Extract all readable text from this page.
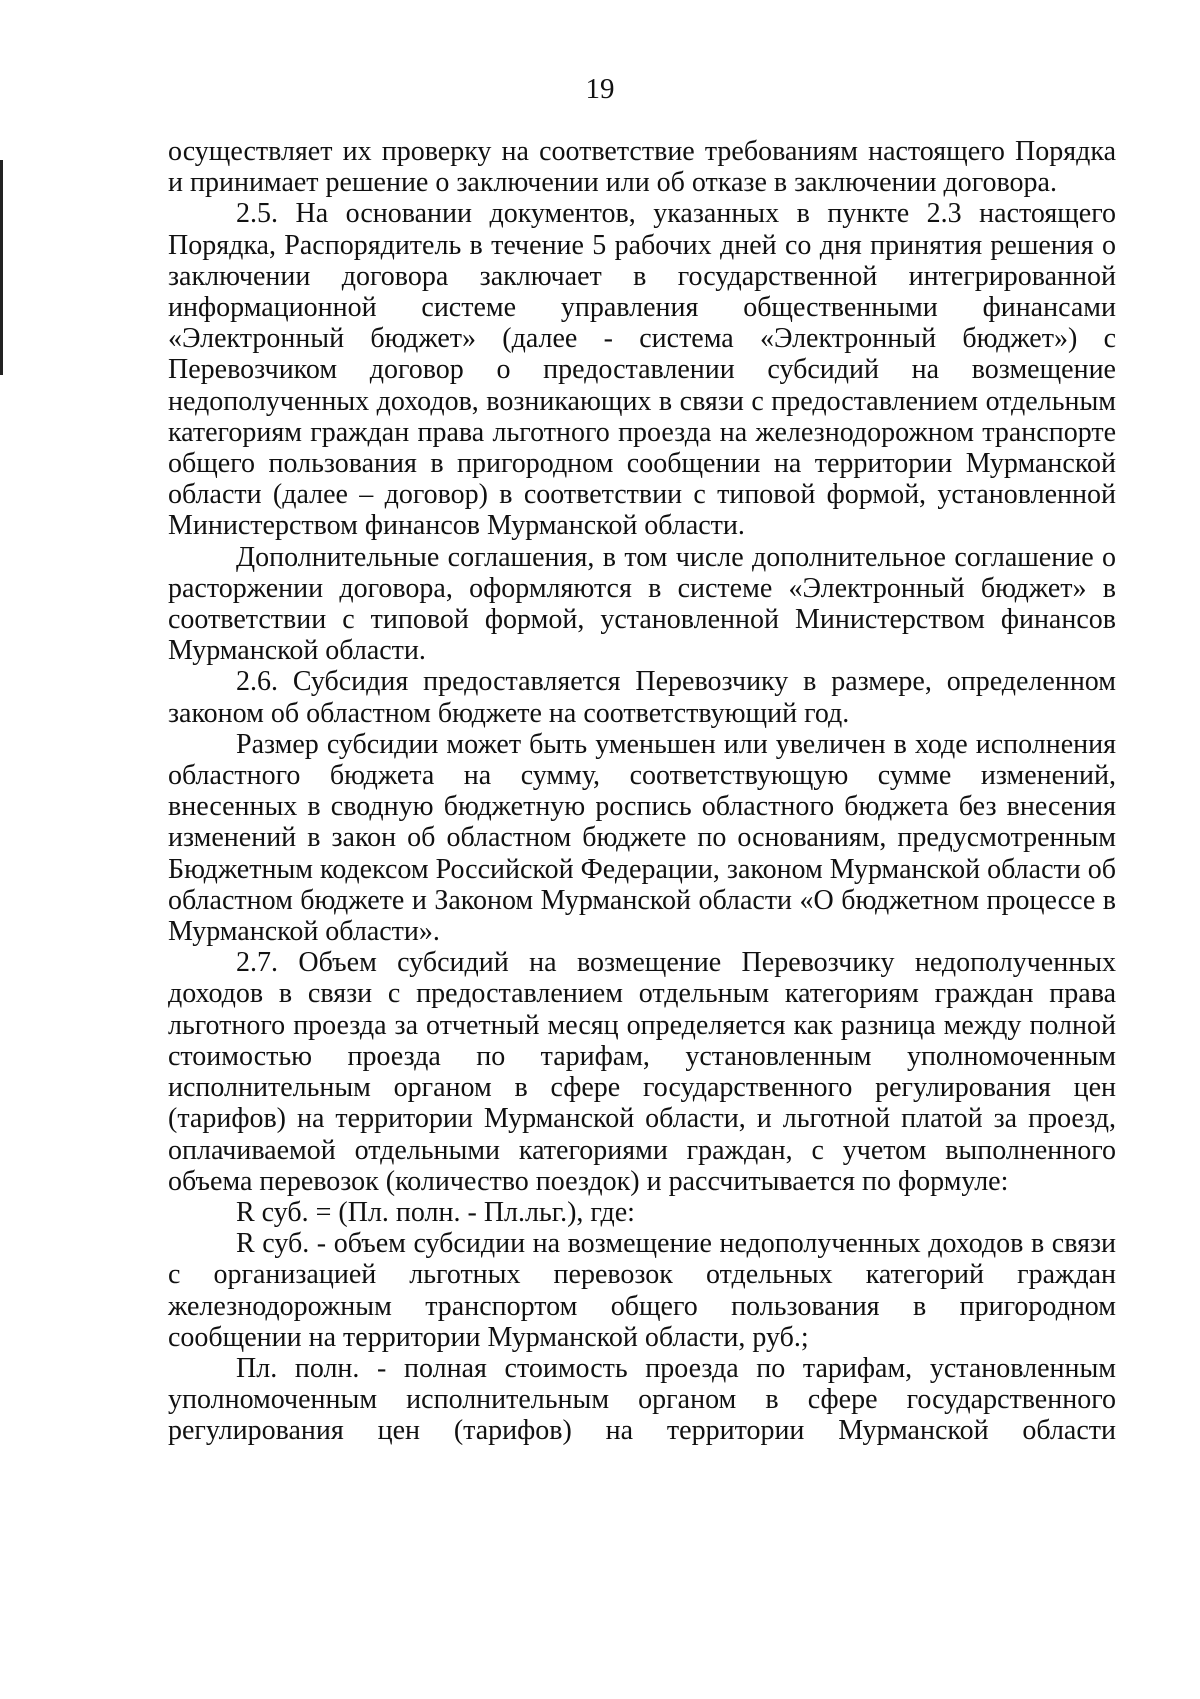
19

осуществляет их проверку на соответствие требованиям настоящего Порядка и принимает решение о заключении или об отказе в заключении договора.

2.5. На основании документов, указанных в пункте 2.3 настоящего Порядка, Распорядитель в течение 5 рабочих дней со дня принятия решения о заключении договора заключает в государственной интегрированной информационной системе управления общественными финансами «Электронный бюджет» (далее - система «Электронный бюджет») с Перевозчиком договор о предоставлении субсидий на возмещение недополученных доходов, возникающих в связи с предоставлением отдельным категориям граждан права льготного проезда на железнодорожном транспорте общего пользования в пригородном сообщении на территории Мурманской области (далее – договор) в соответствии с типовой формой, установленной Министерством финансов Мурманской области.

Дополнительные соглашения, в том числе дополнительное соглашение о расторжении договора, оформляются в системе «Электронный бюджет» в соответствии с типовой формой, установленной Министерством финансов Мурманской области.

2.6. Субсидия предоставляется Перевозчику в размере, определенном законом об областном бюджете на соответствующий год.

Размер субсидии может быть уменьшен или увеличен в ходе исполнения областного бюджета на сумму, соответствующую сумме изменений, внесенных в сводную бюджетную роспись областного бюджета без внесения изменений в закон об областном бюджете по основаниям, предусмотренным Бюджетным кодексом Российской Федерации, законом Мурманской области об областном бюджете и Законом Мурманской области «О бюджетном процессе в Мурманской области».

2.7. Объем субсидий на возмещение Перевозчику недополученных доходов в связи с предоставлением отдельным категориям граждан права льготного проезда за отчетный месяц определяется как разница между полной стоимостью проезда по тарифам, установленным уполномоченным исполнительным органом в сфере государственного регулирования цен (тарифов) на территории Мурманской области, и льготной платой за проезд, оплачиваемой отдельными категориями граждан, с учетом выполненного объема перевозок (количество поездок) и рассчитывается по формуле:

R суб. = (Пл. полн. - Пл.льг.), где:

R суб. - объем субсидии на возмещение недополученных доходов в связи с организацией льготных перевозок отдельных категорий граждан железнодорожным транспортом общего пользования в пригородном сообщении на территории Мурманской области, руб.;

Пл. полн. - полная стоимость проезда по тарифам, установленным уполномоченным исполнительным органом в сфере государственного регулирования цен (тарифов) на территории Мурманской области
